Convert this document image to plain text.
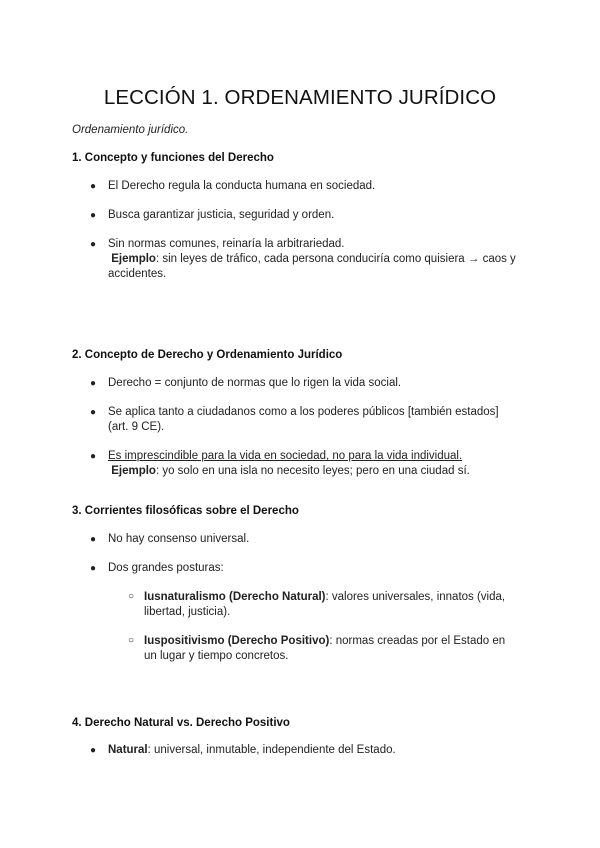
LECCIÓN 1. ORDENAMIENTO JURÍDICO
Ordenamiento jurídico.
1. Concepto y funciones del Derecho
●	El Derecho regula la conducta humana en sociedad.
●	Busca garantizar justicia, seguridad y orden.
●	Sin normas comunes, reinaría la arbitrariedad.
Ejemplo: sin leyes de tráfico, cada persona conduciría como quisiera → caos y accidentes.
2. Concepto de Derecho y Ordenamiento Jurídico
●	Derecho = conjunto de normas que lo rigen la vida social.
●	Se aplica tanto a ciudadanos como a los poderes públicos [también estados] (art. 9 CE).
●	Es imprescindible para la vida en sociedad, no para la vida individual.
Ejemplo: yo solo en una isla no necesito leyes; pero en una ciudad sí.
3. Corrientes filosóficas sobre el Derecho
●	No hay consenso universal.
●	Dos grandes posturas:
○ Iusnaturalismo (Derecho Natural): valores universales, innatos (vida, libertad, justicia).
○ Iuspositivismo (Derecho Positivo): normas creadas por el Estado en un lugar y tiempo concretos.
4. Derecho Natural vs. Derecho Positivo
●	Natural: universal, inmutable, independiente del Estado.
